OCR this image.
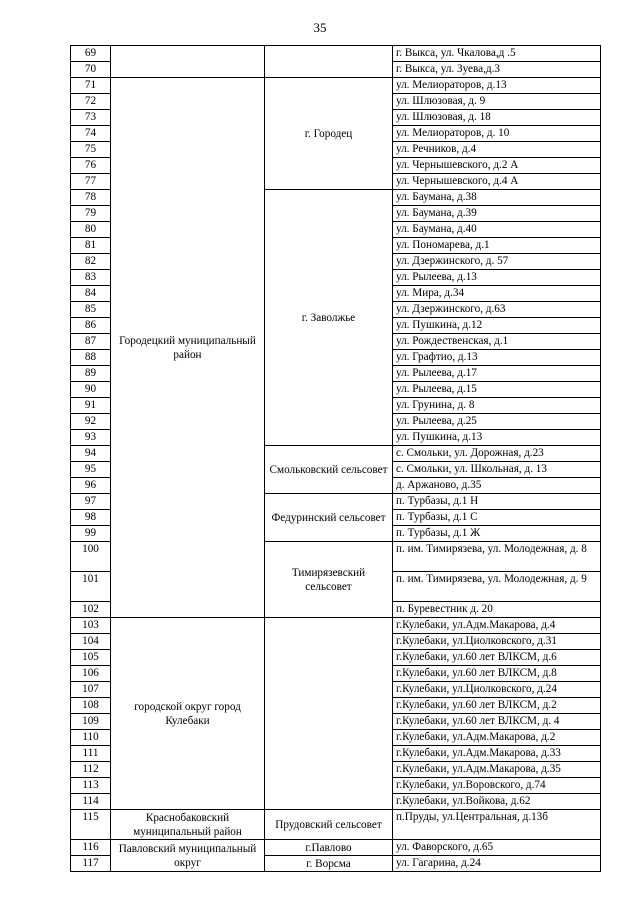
35
69			г. Выкса, ул. Чкалова,д .5
70			г. Выкса, ул. Зуева,д.3
71	Городецкий муниципальный район	г. Городец	ул. Мелиораторов, д.13
72			ул. Шлюзовая, д. 9
73			ул. Шлюзовая, д. 18
74			ул. Мелиораторов, д. 10
75			ул. Речников, д.4
76			ул. Чернышевского, д.2 А
77			ул. Чернышевского, д.4 А
78		г. Заволжье	ул. Баумана, д.38
79			ул. Баумана, д.39
80			ул. Баумана, д.40
81			ул. Пономарева, д.1
82			ул. Дзержинского, д. 57
83			ул. Рылеева, д.13
84			ул. Мира, д.34
85			ул. Дзержинского, д.63
86			ул. Пушкина, д.12
87			ул. Рождественская, д.1
88			ул. Графтио, д.13
89			ул. Рылеева, д.17
90			ул. Рылеева, д.15
91			ул. Грунина, д. 8
92			ул. Рылеева, д.25
93			ул. Пушкина, д.13
94		Смольковский сельсовет	с. Смольки, ул. Дорожная, д.23
95			с. Смольки, ул. Школьная, д. 13
96			д. Аржаново, д.35
97		Федуринский сельсовет	п. Турбазы, д.1 Н
98			п. Турбазы, д.1 С
99			п. Турбазы, д.1 Ж
100		Тимирязевский сельсовет	п. им. Тимирязева, ул. Молодежная, д. 8
101			п. им. Тимирязева, ул. Молодежная, д. 9
102			п. Буревестник д. 20
103	городской округ город Кулебаки		г.Кулебаки, ул.Адм.Макарова, д.4
104			г.Кулебаки, ул.Циолковского, д.31
105			г.Кулебаки, ул.60 лет ВЛКСМ, д.6
106			г.Кулебаки, ул.60 лет ВЛКСМ, д.8
107			г.Кулебаки, ул.Циолковского, д.24
108			г.Кулебаки, ул.60 лет ВЛКСМ, д.2
109			г.Кулебаки, ул.60 лет ВЛКСМ, д. 4
110			г.Кулебаки, ул.Адм.Макарова, д.2
111			г.Кулебаки, ул.Адм.Макарова, д.33
112			г.Кулебаки, ул.Адм.Макарова, д.35
113			г.Кулебаки, ул.Воровского, д.74
114			г.Кулебаки, ул.Войкова, д.62
115	Краснобаковский муниципальный район	Прудовский сельсовет	п.Пруды, ул.Центральная, д.13б
116	Павловский муниципальный округ	г.Павлово	ул. Фаворского, д.65
117		г. Ворсма	ул. Гагарина, д.24
